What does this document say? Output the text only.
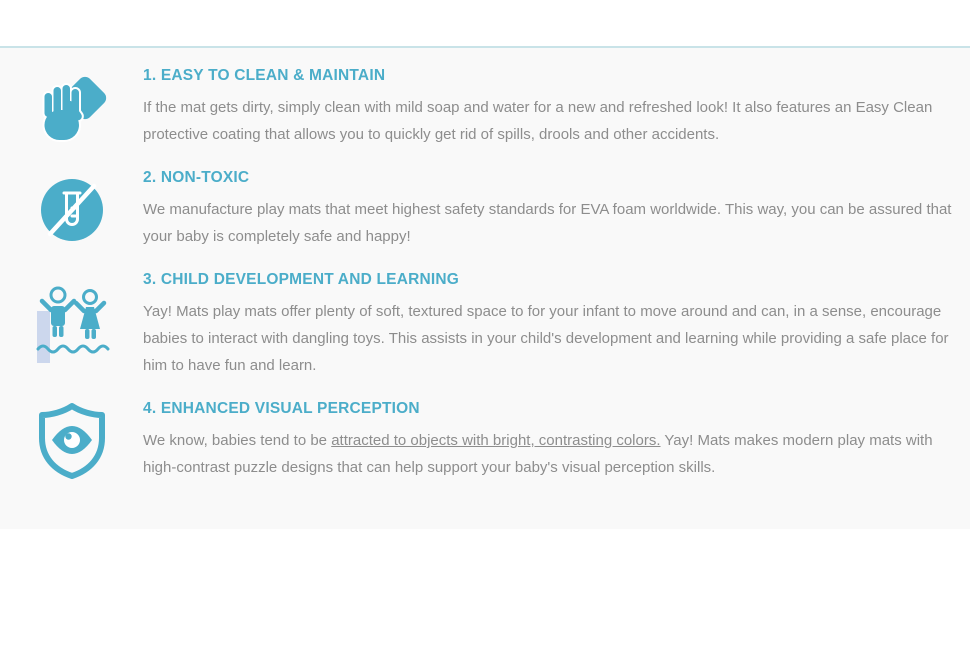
1. EASY TO CLEAN & MAINTAIN

If the mat gets dirty, simply clean with mild soap and water for a new and refreshed look! It also features an Easy Clean protective coating that allows you to quickly get rid of spills, drools and other accidents.

2. NON-TOXIC

We manufacture play mats that meet highest safety standards for EVA foam worldwide. This way, you can be assured that your baby is completely safe and happy!

3. CHILD DEVELOPMENT AND LEARNING

Yay! Mats play mats offer plenty of soft, textured space to for your infant to move around and can, in a sense, encourage babies to interact with dangling toys. This assists in your child's development and learning while providing a safe place for him to have fun and learn.

4. ENHANCED VISUAL PERCEPTION

We know, babies tend to be attracted to objects with bright, contrasting colors. Yay! Mats makes modern play mats with high-contrast puzzle designs that can help support your baby's visual perception skills.
